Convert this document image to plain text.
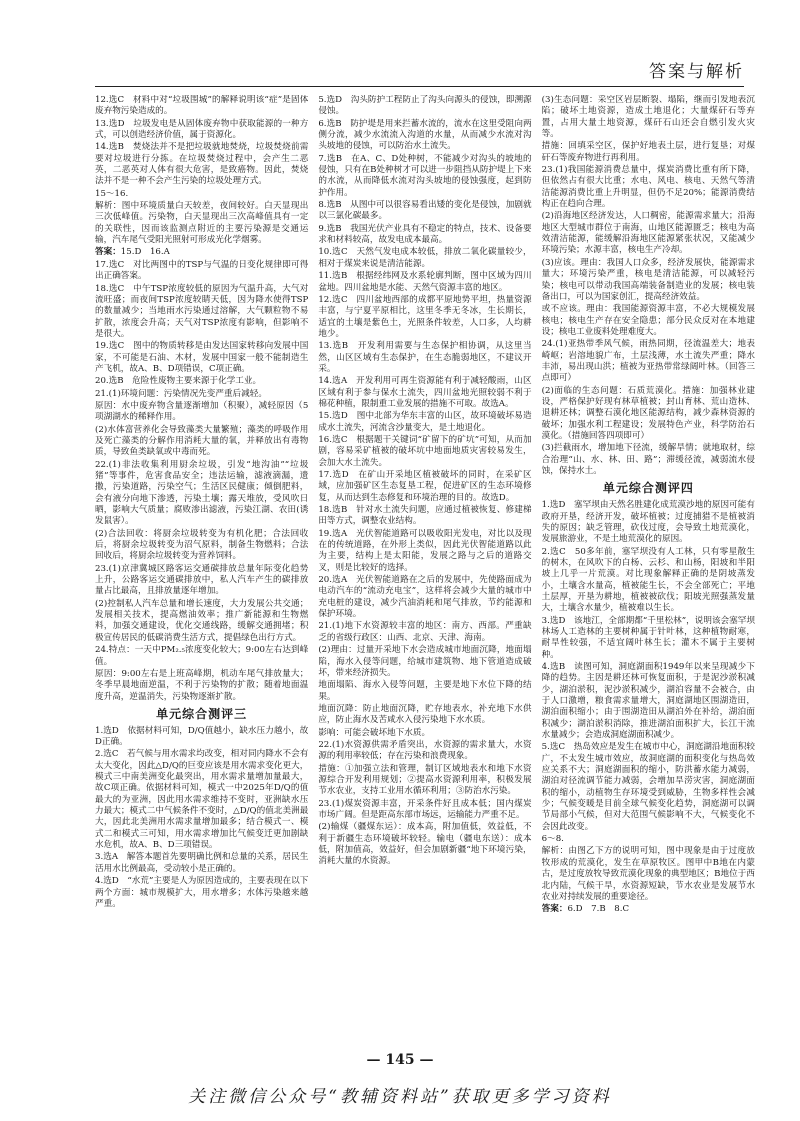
答案与解析

12.选C　材料中对“垃圾围城”的解释说明该“症”是固体废弃物污染造成的。

13.选D　垃圾发电是从固体废弃物中获取能源的一种方式，可以创造经济价值，属于资源化。

14.选B　焚烧法并不是把垃圾就地焚烧，垃圾焚烧前需要对垃圾进行分拣。在垃圾焚烧过程中，会产生二恶英，二恶英对人体有很大危害，是致癌物。因此，焚烧法并不是一种不会产生污染的垃圾处理方式。

15～16.

解析：图中环境质量白天较差，夜间较好。白天显现出三次低峰值。污染物，白天显现出三次高峰值具有一定的关联性，因而该监测点附近的主要污染源是交通运输，汽车尾气受阳光照射可形成光化学烟雾。

答案：15.D　16.A

17.选C　对比两图中的TSP与气温的日变化规律即可得出正确答案。

18.选C　中午TSP浓度较低的原因为气温升高，大气对流旺盛；而夜间TSP浓度较睛天低，因为降水使得TSP的数量减少；当地雨水污染通过溶解，大气颗粒物不易扩散，浓度会升高；天气对TSP浓度有影响，但影响不是很大。

19.选C　图中的物质转移是由发达国家转移向发展中国家，不可能是石油、木材，发展中国家一般不能制造生产飞机，故A、B、D项错误，C项正确。

20.选B　危险性废物主要来源于化学工业。

21.(1)环境问题：污染情况先变严重后减轻。

原因：水中废弃物含量逐渐增加（积聚），减轻原因（5项湖湖水的稀释作用。

(2)水体富营养化会导致藻类大量繁殖；藻类的呼吸作用及死亡藻类的分解作用消耗大量的氧，并释放出有毒物质，导致鱼类缺氧或中毒而死。

22.(1)非法收集利用厨余垃圾，引发“地沟油”“垃圾猪”等事件，危害食品安全；违法运输，滤液滴漏，遗撒，污染道路，污染空气；生活区民健康；倾倒肥料，会有液分向地下渗透，污染土壤；露天堆放，受风吹日晒，影响大气质量；腐败渗出滤液，污染江湖、农田(诱发鼠害）。

(2)合法回收：将厨余垃圾转变为有机化肥；合法回收后，将厨余垃圾转变为沼气原料，制备生物燃料；合法回收后，将厨余垃圾转变为营养饲料。

23.(1)京津冀城区路客运交通碳排放总量年际变化趋势上升，公路客运交通碳排放中，私人汽车产生的碳排放量占比最高，且排放量逐年增加。

(2)控制私人汽车总量和增长速度，大力发展公共交通；发展相关技术，提高燃油效率；推广新能源和生物燃料，加强交通建设，优化交通线路，缓解交通拥堵；积极宣传居民的低碳消费生活方式，提倡绿色出行方式。

24.特点：一天中PM₂.₅浓度变化较大；9:00左右达到峰值。

原因：9:00左右是上班高峰期，机动车尾气排放量大；冬季早晨地面逆温，不利于污染物的扩散；随着地面温度升高，逆温消失，污染物逐渐扩散。

单元综合测评三

1.选D　依据材料可知，D/Q值越小，缺水压力越小，故D正确。

2.选C　若气候与用水需求均改变，相对同内降水不会有太大变化，因此△D/Q的巨变应该是用水需求变化更大，模式三中南美洲变化最突出，用水需求量增加量最大，故C项正确。依据材料可知，模式一中2025年D/Q的值最大的为亚洲，因此用水需求维持不变时，亚洲缺水压力最大；模式二中气候条件不变时，△D/Q的值北美洲最大，因此北美洲用水需求量增加最多；结合模式一、模式二和模式三可知，用水需求增加比气候变迁更加剧缺水危机，故A、B、D三项错误。

3.选A　解答本题首先要明确比例和总量的关系，居民生活用水比例最高，受动较小是正确的。

4.选D　“水荒”主要是人为原因造成的，主要表现在以下两个方面：城市规模扩大，用水增多；水体污染越来越严重。

5.选D　沟头防护工程防止了沟头向源头的侵蚀，即溯源侵蚀。

6.选B　防护堤是用来拦蓄水流的，流水在这里受阻向两侧分流，减少水流流入沟道的水量，从而减少水流对沟头坡地的侵蚀，可以防治水土流失。

7.选B　在A、C、D处种树，不能减少对沟头的坡地的侵蚀，只有在B处种树才可以进一步阻挡从防护堤上下来的水流，从而降低水流对沟头坡地的侵蚀强度，起到防护作用。

8.选B　从图中可以很容易看出矮的变化是侵蚀，加剧就以三氯化碳最多。

9.选B　我国光伏产业具有不稳定的特点，技术、设备要求和材料较高，故发电成本最高。

10.选C　天然气发电成本较低，排放二氧化碳量较少，相对于煤炭来说是清洁能源。

11.选B　根据经纬网及水系轮廓判断，图中区域为四川盆地。四川盆地是水能、天然气资源丰富的地区。

12.选C　四川盆地西部的成都平原地势平坦，热量资源丰富，与宁夏平原相比，这里冬季无冬冰，生长期长，适宜的土壤是紫色土，光照条件较差，人口多，人均耕地少。

13.选B　开发利用需要与生态保护相协调，从这里当然，山区区域有生态保护，在生态脆弱地区，不建议开采。

14.选A　开发利用可再生资源能有利于减轻酸雨，山区区域有利于参与保水土流失，四川盆地光照较弱不利于棉花种植，限制重工业发展的措施不可取。故选A。

15.选D　图中北部为华东丰富的山区，故环境破坏易造成水土流失，河流含沙量变大，是土地退化。

16.选C　根据题干关键词“矿留下的矿坑”可知，从而加剧，容易采矿植被的破坏坑中地面地质灾害较易发生，会加大水土流失。

17.选D　在矿山开采地区植被破坏的同时，在采矿区域，应加强矿区生态复垦工程，促进矿区的生态环境修复，从而达到生态修复和环境治理的目的。故选D。

18.选B　针对水土流失问题，应通过植被恢复、修建梯田等方式，调整农业结构。

19.选A　光伏智能道路可以吸收阳光发电，对比以及现在的传统道路，在外形上类似，因此光伏智能道路以此为主要，结构上是太阳能，发展之路与之后的道路交叉，则是比较好的选择。

20.选A　光伏智能道路在之后的发展中，先使路面成为电动汽车的“流动充电宝”，这样将会减少大量的城市中充电桩的建设，减少汽油消耗和尾气排放，节约能源和保护环境。

21.(1)地下水资源较丰富的地区：南方、西部。严重缺乏的省级行政区：山西、北京、天津、海南。

(2)理由：过量开采地下水会造成城市地面沉降，地面塌陷，海水入侵等问题，给城市建筑物、地下管道造成破坏，带来经济损失。

地面塌陷、海水入侵等问题，主要是地下水位下降的结果。

地面沉降：防止地面沉降，贮存地表水，补充地下水供应，防止海水及苦咸水入侵污染地下水水质。

影响：可能会破坏地下水质。

22.(1)水资源供需矛盾突出，水资源的需求量大，水资源的利用率较低；存在污染和浪费现象。

措施：①加强立法和管理，制订区域地表水和地下水资源综合开发利用规划；②提高水资源利用率，积极发展节水农业，支持工业用水循环利用；③防治水污染。

23.(1)煤炭资源丰富，开采条件好且成本低；国内煤炭市场广阔。但是距高东部市场远，运输能力严重不足。

(2)输煤（疆煤东运）：成本高，附加值低，效益低，不利于新疆生态环境破坏较轻。输电（疆电东送）：成本低，附加值高，效益好，但会加剧新疆“地下环境污染，消耗大量的水资源。

(3)生态问题：采空区岩层断裂、塌陷，继而引发地表沉陷；破坏土地资源，造成土地退化；大量煤矸石等弃置，占用大量土地资源，煤矸石山还会自燃引发火灾等。

措施：回填采空区，保护好地表土层，进行复垦；对煤矸石等废弃物进行再利用。

23.(1)我国能源消费总量中，煤炭消费比重有所下降，但依然占有很大比重；水电、风电、核电、天然气等清洁能源消费比重上升明显，但仍不足20%；能源消费结构正在趋向合理。

(2)沿海地区经济发达，人口稠密，能源需求量大；沿海地区大型城市群位于南海，山地区能源匮乏；核电为高效清洁能源，能缓解沿海地区能源紧张状况，又能减少环境污染；水源丰富，核电生产冷却。

(3)应该。理由：我国人口众多，经济发展快，能源需求量大；环境污染严重，核电是清洁能源，可以减轻污染；核电可以带动我国高端装备制造业的发展；核电装备出口，可以为国家创汇，提高经济效益。

或不应该。理由：我国能源资源丰富，不必大规模发展核电；核电生产存在安全隐患；部分民众反对在本地建设；核电工业废料处理难度大。

24.(1)亚热带季风气候，雨热同期，径流温差大；地表崎岖；岩溶地貌广布，土层浅薄，水土流失严重；降水丰沛，易出现山洪；植被为亚热带常绿阔叶林。（回答三点即可）

(2)面临的生态问题：石质荒漠化。措施：加强林业建设，严格保护好现有林草植被；封山育林、荒山造林、退耕还林；调整石漠化地区能源结构，减少森林资源的破坏；加强水利工程建设；发展特色产业，科学防治石漠化。（措施回答四项即可）

(3)拦截雨水，增加地下径流，缓解旱情；就地取材，综合治理“山、水、林、田、路”；滞缓径流，减弱流水侵蚀，保持水土。

单元综合测评四

1.选D　塞罕坝由天然名胜建化成荒漠沙地的原因可能有政府开垦，经济开发，破坏植被；过度捕猎不是植被消失的原因；缺乏管理，砍伐过度，会导致土地荒漠化，发展旅游业，不是土地荒漠化的原因。

2.选C　50多年前，塞罕坝没有人工林，只有零星散生的树木，在风吹下的白杨、云杉、和山杨，阳坡和半阳坡上几乎一片荒漠。对比现象解释正确的是阴坡蒸发小，土壤含水量高，植被能生长，不会全部死亡；平地土层厚，开垦为耕地，植被被砍伐；阳坡光照强蒸发量大，土壤含水量少，植被难以生长。

3.选D　该地江，全部期都“千里松林”，说明该会塞罕坝林场人工造林的主要树种属于针叶林，这种植物耐寒，耐旱性较强，不适宜阔叶林生长；灌木不属于主要树种。

4.选B　读图可知，洞庭湖面积1949年以来呈现减少下降的趋势。主因是耕还林可恢复面积，于是泥沙淤积减少，湖泊淤积，泥沙淤积减少，湖泊容量不会被合，由于人口激增，粮食需求量增大，洞庭湖地区围湖造田，湖泊面积缩小；由于围湖造田从湖泊外在补给，湖泊面积减少；湖泊淤积消除，推进湖泊面积扩大，长江干流水量减少；会造成洞庭湖面积减少。

5.选C　热岛效应是发生在城市中心，洞庭湖沿地面积较广，不太发生城市效应，故洞庭湖的面积变化与热岛效应关系不大；洞庭湖面积的缩小，防洪蓄水能力减弱，湖泊对径流调节能力减弱，会增加旱涝灾害，洞庭湖面积的缩小，动植物生存环境受到威胁，生物多样性会减少；气候变暖是目前全球气候变化趋势，洞庭湖可以调节局部小气候，但对大范围气候影响不大，气候变化不会因此改变。

6～8.

解析：由图乙下方的说明可知，图中现象是由于过度放牧形成的荒漠化，发生在草原牧区。图甲中B地在内蒙古，是过度放牧导致荒漠化现象的典型地区；B地位于西北内陆，气候干旱，水资源短缺，节水农业是发展节水农业对持续发展的重要途径。

答案：6.D　7.B　8.C

— 145 —
关注微信公众号“教辅资料站”获取更多学习资料
